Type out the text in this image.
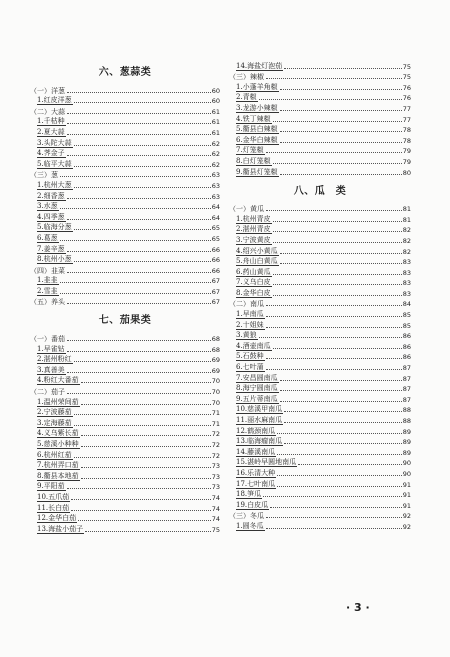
六、葱蒜类
（一）洋葱	60
1.红皮洋葱	60
（二）大蒜	61
1.千枯种	61
2.夏大蒜	61
3.头陀大蒜	62
4.荠金子	62
5.临平大蒜	62
（三）葱	63
1.杭州大葱	63
2.细香葱	63
3.水葱	64
4.四季葱	64
5.临海分葱	65
6.葛葱	65
7.姜辛葱	66
8.杭州小葱	66
（四）韭菜	66
1.韭韭	67
2.雪韭	67
（五）养头	67
七、茄果类
（一）番茄	68
1.早雀钻	68
2.湛州粉红	69
3.真善美	69
4.粉红大番茄	70
（二）茄子	70
1.温州荣间茄	70
2.宁波藤茄	71
3.定海藤茄	71
4.义乌紫长茄	72
5.慈溪小种种	72
6.杭州红茄	72
7.杭州弄口茄	73
8.衢县本地茄	73
9.平阳茄	73
10.五爪茄	74
11.长白茄	74
12.金华白茄	74
13.海盐小茄子	75
14.海盐灯泡茄	75
（三）辣椒	75
1.小蓬羊角椒	76
2.青椒	76
3.龙游小辣椒	77
4.铁丁辣椒	77
5.衢县白辣椒	78
6.金华白辣椒	78
7.灯笼椒	79
8.白灯笼椒	79
9.衢县灯笼椒	80
八、瓜　类
（一）黄瓜	81
1.杭州青皮	81
2.湛州青皮	82
3.宁波黄皮	82
4.绍兴小黄瓜	82
5.舟山白黄瓜	83
6.药山黄瓜	83
7.义乌白皮	83
8.金华白皮	83
（二）南瓜	84
1.早南瓜	85
2.十姐妹	85
3.黄狼	86
4.酒壶南瓜	86
5.石鼓种	86
6.七叶蒲	87
7.安昌圆南瓜	87
8.海宁圆南瓜	87
9.五片蒂南瓜	87
10.慈溪甲南瓜	88
11.丽水麻南瓜	88
12.鹤颈南瓜	89
13.临海瘤南瓜	89
14.藤溪南瓜	89
15.湛岭早圆地南瓜	90
16.乐清大种	90
17.七叶南瓜	91
18.笋瓜	91
19.白皮瓜	91
（三）冬瓜	92
1.圆冬瓜	92
· 3 ·
